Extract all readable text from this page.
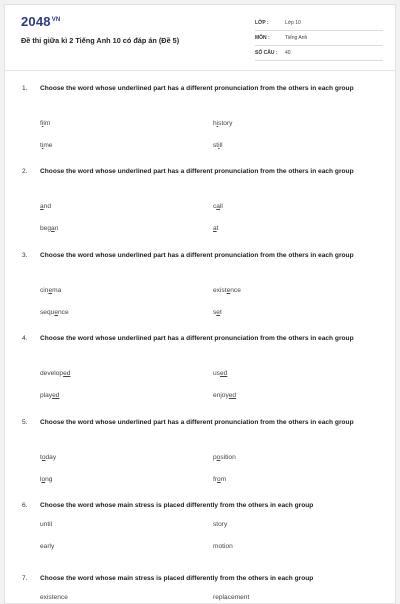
$2048^{VN}$
Đề thi giữa kì 2 Tiếng Anh 10 có đáp án (Đề 5)
LỚP :	Lớp 10
MÔN :	Tiếng Anh
SỐ CÂU : 40
1. Choose the word whose underlined part has a different pronunciation from the others in each group
film	history
time	still
2. Choose the word whose underlined part has a different pronunciation from the others in each group
and	call
began	at
3. Choose the word whose underlined part has a different pronunciation from the others in each group
cinema	existence
sequence	set
4. Choose the word whose underlined part has a different pronunciation from the others in each group
developed	used
played	enjoyed
5. Choose the word whose underlined part has a different pronunciation from the others in each group
today	position
long	from
6. Choose the word whose main stress is placed differently from the others in each group
until	story
early	motion
7. Choose the word whose main stress is placed differently from the others in each group
existence	replacement
